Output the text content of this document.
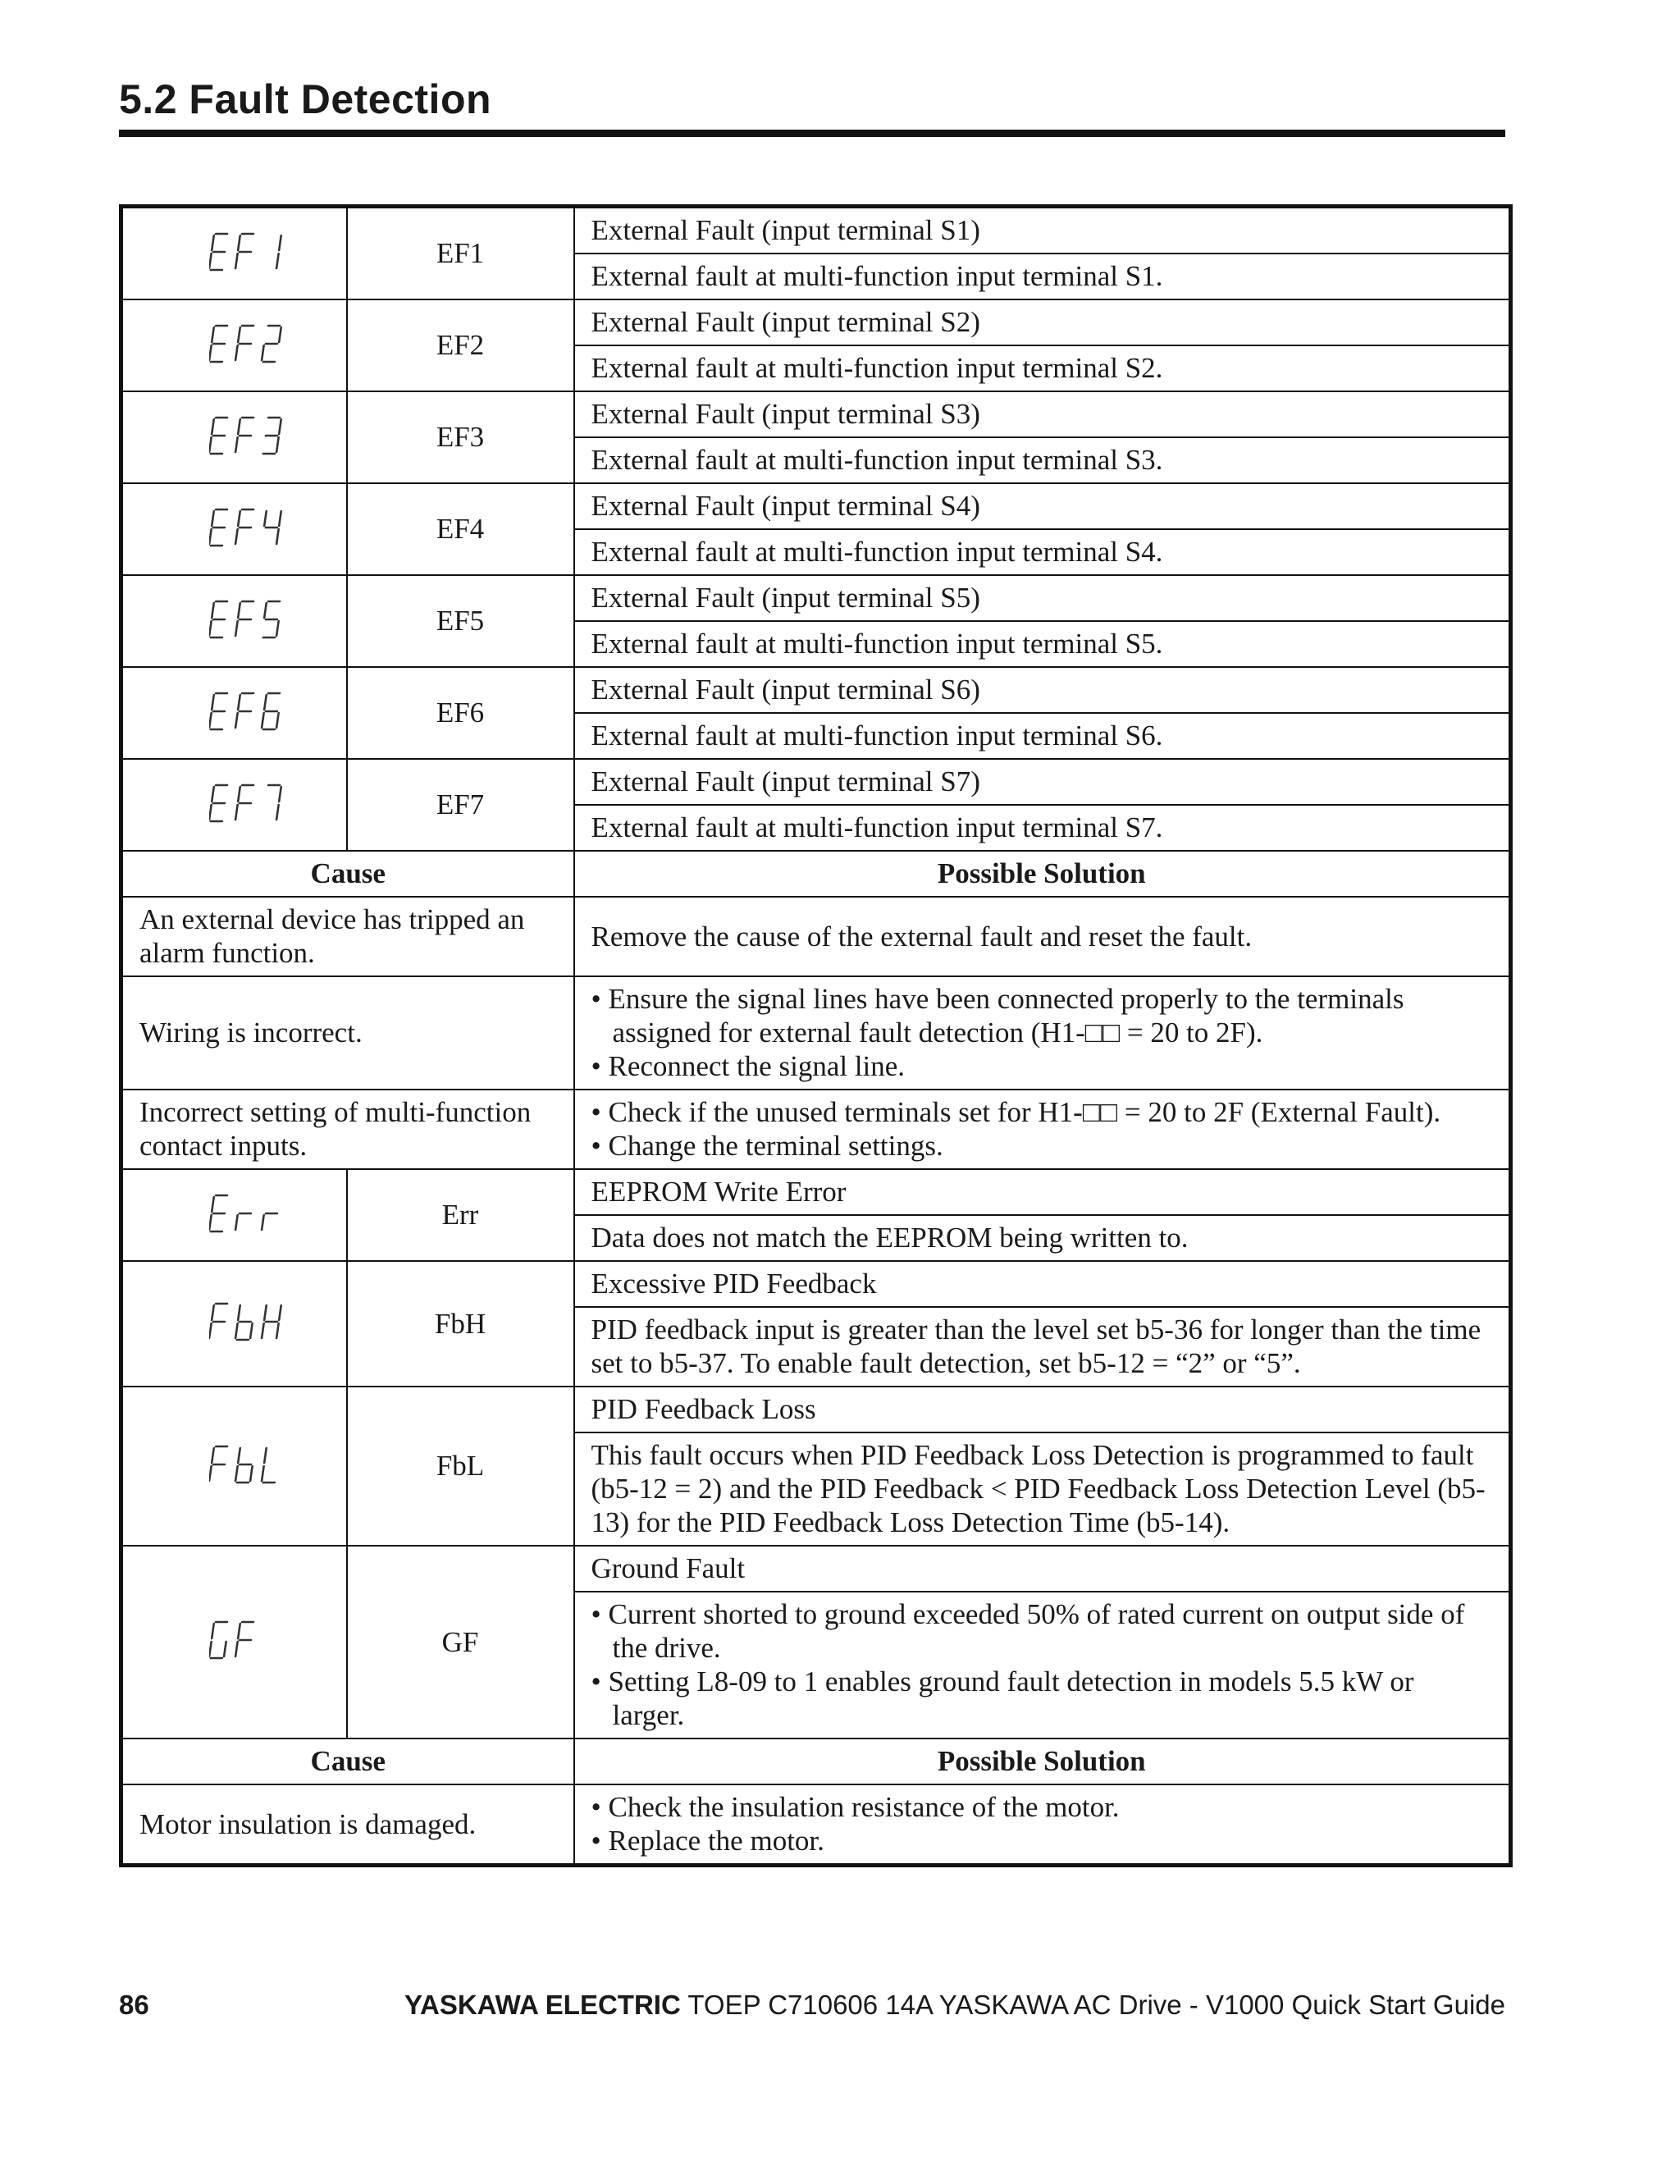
5.2 Fault Detection
	EF1	External Fault (input terminal S1)
		External fault at multi-function input terminal S1.

	EF2	External Fault (input terminal S2)
		External fault at multi-function input terminal S2.

	EF3	External Fault (input terminal S3)
		External fault at multi-function input terminal S3.

	EF4	External Fault (input terminal S4)
		External fault at multi-function input terminal S4.

	EF5	External Fault (input terminal S5)
		External fault at multi-function input terminal S5.

	EF6	External Fault (input terminal S6)
		External fault at multi-function input terminal S6.

	EF7	External Fault (input terminal S7)
		External fault at multi-function input terminal S7.
Cause		Possible Solution
An external device has tripped an alarm function.		Remove the cause of the external fault and reset the fault.

Wiring is incorrect.		• Ensure the signal lines have been connected properly to the terminals assigned for external fault detection (H1-□□ = 20 to 2F).
• Reconnect the signal line.

Incorrect setting of multi-function contact inputs.		• Check if the unused terminals set for H1-□□ = 20 to 2F (External Fault).
• Change the terminal settings.

	Err	EEPROM Write Error
		Data does not match the EEPROM being written to.

	FbH	Excessive PID Feedback
		PID feedback input is greater than the level set b5-36 for longer than the time set to b5-37. To enable fault detection, set b5-12 = “2” or “5”.

	FbL	PID Feedback Loss
		This fault occurs when PID Feedback Loss Detection is programmed to fault (b5-12 = 2) and the PID Feedback < PID Feedback Loss Detection Level (b5-13) for the PID Feedback Loss Detection Time (b5-14).

	GF	Ground Fault

		• Current shorted to ground exceeded 50% of rated current on output side of the drive.
• Setting L8-09 to 1 enables ground fault detection in models 5.5 kW or larger.

Cause		Possible Solution
Motor insulation is damaged.		• Check the insulation resistance of the motor.
• Replace the motor.
86	YASKAWA ELECTRIC TOEP C710606 14A YASKAWA AC Drive - V1000 Quick Start Guide
